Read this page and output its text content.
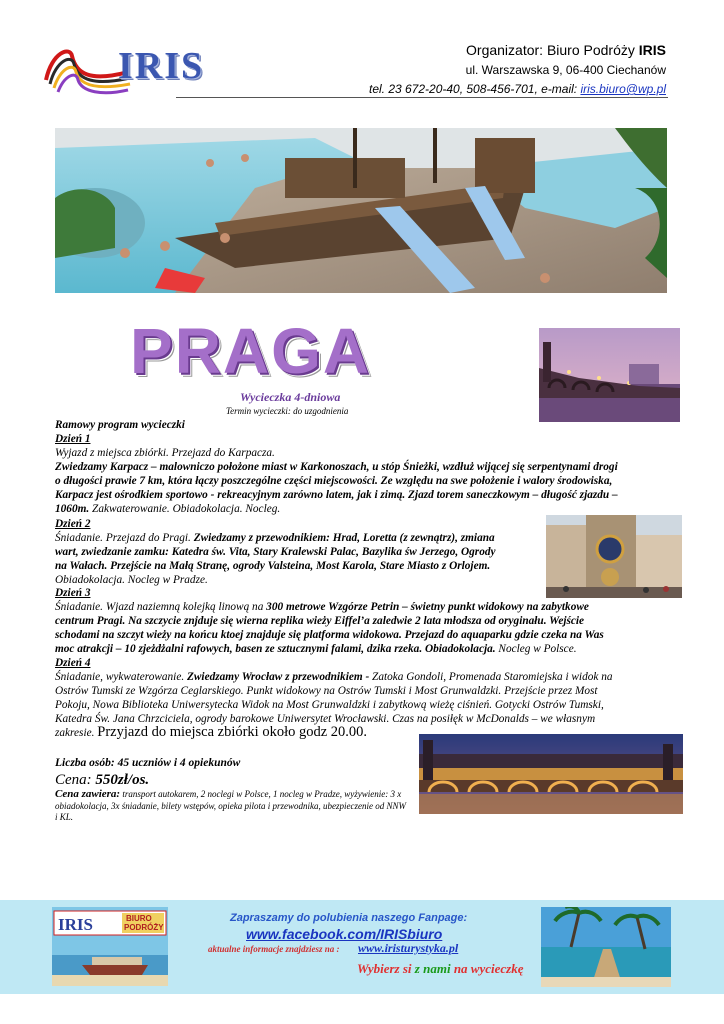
IRIS	Organizator: Biuro Podróży IRIS
ul. Warszawska 9, 06-400 Ciechanów
tel. 23 672-20-40, 508-456-701, e-mail: iris.biuro@wp.pl
PRAGA
Wycieczka 4-dniowa
Termin wycieczki: do uzgodnienia
Ramowy program wycieczki
Dzień 1
Wyjazd z miejsca zbiórki. Przejazd do Karpacza.
Zwiedzamy Karpacz – malowniczo położone miast w Karkonoszach, u stóp Śnieżki, wzdłuż wijącej się serpentynami drogi
o długości prawie 7 km, która łączy poszczególne części miejscowości. Ze względu na swe położenie i walory środowiska,
Karpacz jest ośrodkiem sportowo - rekreacyjnym zarówno latem, jak i zimą. Zjazd torem saneczkowym – długość zjazdu –
1060m. Zakwaterowanie. Obiadokolacja. Nocleg.
Dzień 2
Śniadanie. Przejazd do Pragi. Zwiedzamy z przewodnikiem: Hrad, Loretta (z zewnątrz), zmiana
wart, zwiedzanie zamku: Katedra św. Vita, Stary Kralewski Palac, Bazylika św Jerzego, Ogrody
na Wałach. Przejście na Małą Stranę, ogrody Valsteina, Most Karola, Stare Miasto z Orlojem.
Obiadokolacja. Nocleg w Pradze.
Dzień 3
Śniadanie. Wjazd naziemną kolejką linową na 300 metrowe Wzgórze Petrin – świetny punkt widokowy na zabytkowe
centrum Pragi. Na szczycie znjduje się wierna replika wieży Eiffel’a zaledwie 2 lata młodsza od oryginału. Wejście
schodami na szczyt wieży na końcu ktoej znajduje się platforma widokowa. Przejazd do aquaparku gdzie czeka na Was
moc atrakcji – 10 zjeżdżalni rafowych, basen ze sztucznymi falami, dzika rzeka. Obiadokolacja. Nocleg w Polsce.
Dzień 4
Śniadanie, wykwaterowanie. Zwiedzamy Wrocław z przewodnikiem - Zatoka Gondoli, Promenada Staromiejska i widok na
Ostrów Tumski ze Wzgórza Ceglarskiego. Punkt widokowy na Ostrów Tumski i Most Grunwaldzki. Przejście przez Most
Pokoju, Nowa Biblioteka Uniwersytecka Widok na Most Grunwaldzki i zabytkową wieżę ciśnień. Gotycki Ostrów Tumski,
Katedra Św. Jana Chrzciciela, ogrody barokowe Uniwersytet Wrocławski. Czas na posiłęk w McDonalds – we własnym
zakresie. Przyjazd do miejsca zbiórki około godz 20.00.
Liczba osób: 45 uczniów i 4 opiekunów
Cena: 550zł/os.
Cena zawiera: transport autokarem, 2 noclegi w Polsce, 1 nocleg w Pradze, wyżywienie: 3 x obiadokolacja, 3x śniadanie, bilety wstępów, opieka pilota i przewodnika, ubezpieczenie od NNW i KL.
IRIS	BIURO
PODRÓŻY
Zapraszamy do polubienia naszego Fanpage:
www.facebook.com/IRISbiuro
aktualne informacje znajdziesz na : www.iristurystyka.pl
Wybierz si z nami na wycieczkę
